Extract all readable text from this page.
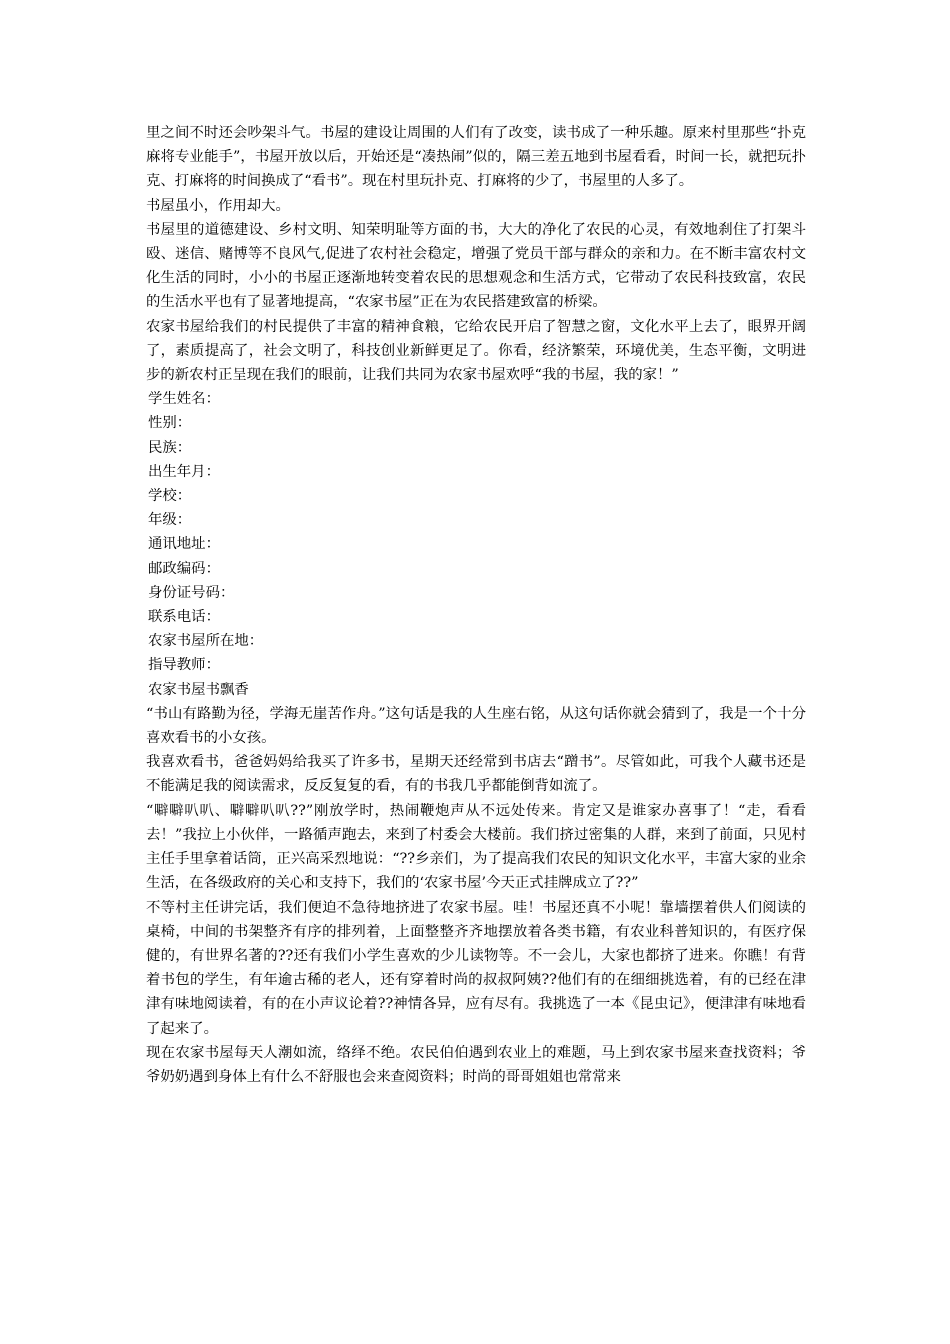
里之间不时还会吵架斗气。书屋的建设让周围的人们有了改变，读书成了一种乐趣。原来村里那些“扑克麻将专业能手”，书屋开放以后，开始还是“凑热闹”似的，隔三差五地到书屋看看，时间一长，就把玩扑克、打麻将的时间换成了“看书”。现在村里玩扑克、打麻将的少了，书屋里的人多了。

书屋虽小，作用却大。

书屋里的道德建设、乡村文明、知荣明耻等方面的书，大大的净化了农民的心灵，有效地刹住了打架斗殴、迷信、赌博等不良风气,促进了农村社会稳定，增强了党员干部与群众的亲和力。在不断丰富农村文化生活的同时，小小的书屋正逐渐地转变着农民的思想观念和生活方式，它带动了农民科技致富，农民的生活水平也有了显著地提高，“农家书屋”正在为农民搭建致富的桥梁。

农家书屋给我们的村民提供了丰富的精神食粮，它给农民开启了智慧之窗，文化水平上去了，眼界开阔了，素质提高了，社会文明了，科技创业新鲜更足了。你看，经济繁荣，环境优美，生态平衡，文明进步的新农村正呈现在我们的眼前，让我们共同为农家书屋欢呼“我的书屋，我的家！”

学生姓名：

性别：

民族：

出生年月：

学校：

年级：

通讯地址：

邮政编码：

身份证号码：

联系电话：

农家书屋所在地：

指导教师：

农家书屋书飘香

“书山有路勤为径，学海无崖苦作舟。”这句话是我的人生座右铭，从这句话你就会猜到了，我是一个十分喜欢看书的小女孩。

我喜欢看书，爸爸妈妈给我买了许多书，星期天还经常到书店去“蹭书”。尽管如此，可我个人藏书还是不能满足我的阅读需求，反反复复的看，有的书我几乎都能倒背如流了。

“噼噼叭叭、噼噼叭叭??”刚放学时，热闹鞭炮声从不远处传来。肯定又是谁家办喜事了！“走，看看去！”我拉上小伙伴，一路循声跑去，来到了村委会大楼前。我们挤过密集的人群，来到了前面，只见村主任手里拿着话筒，正兴高采烈地说：“??乡亲们，为了提高我们农民的知识文化水平，丰富大家的业余生活，在各级政府的关心和支持下，我们的‘农家书屋’今天正式挂牌成立了??”

不等村主任讲完话，我们便迫不急待地挤进了农家书屋。哇！书屋还真不小呢！靠墙摆着供人们阅读的桌椅，中间的书架整齐有序的排列着，上面整整齐齐地摆放着各类书籍，有农业科普知识的，有医疗保健的，有世界名著的??还有我们小学生喜欢的少儿读物等。不一会儿，大家也都挤了进来。你瞧！有背着书包的学生，有年逾古稀的老人，还有穿着时尚的叔叔阿姨??他们有的在细细挑选着，有的已经在津津有味地阅读着，有的在小声议论着??神情各异，应有尽有。我挑选了一本《昆虫记》，便津津有味地看了起来了。

现在农家书屋每天人潮如流，络绎不绝。农民伯伯遇到农业上的难题，马上到农家书屋来查找资料；爷爷奶奶遇到身体上有什么不舒服也会来查阅资料；时尚的哥哥姐姐也常常来
